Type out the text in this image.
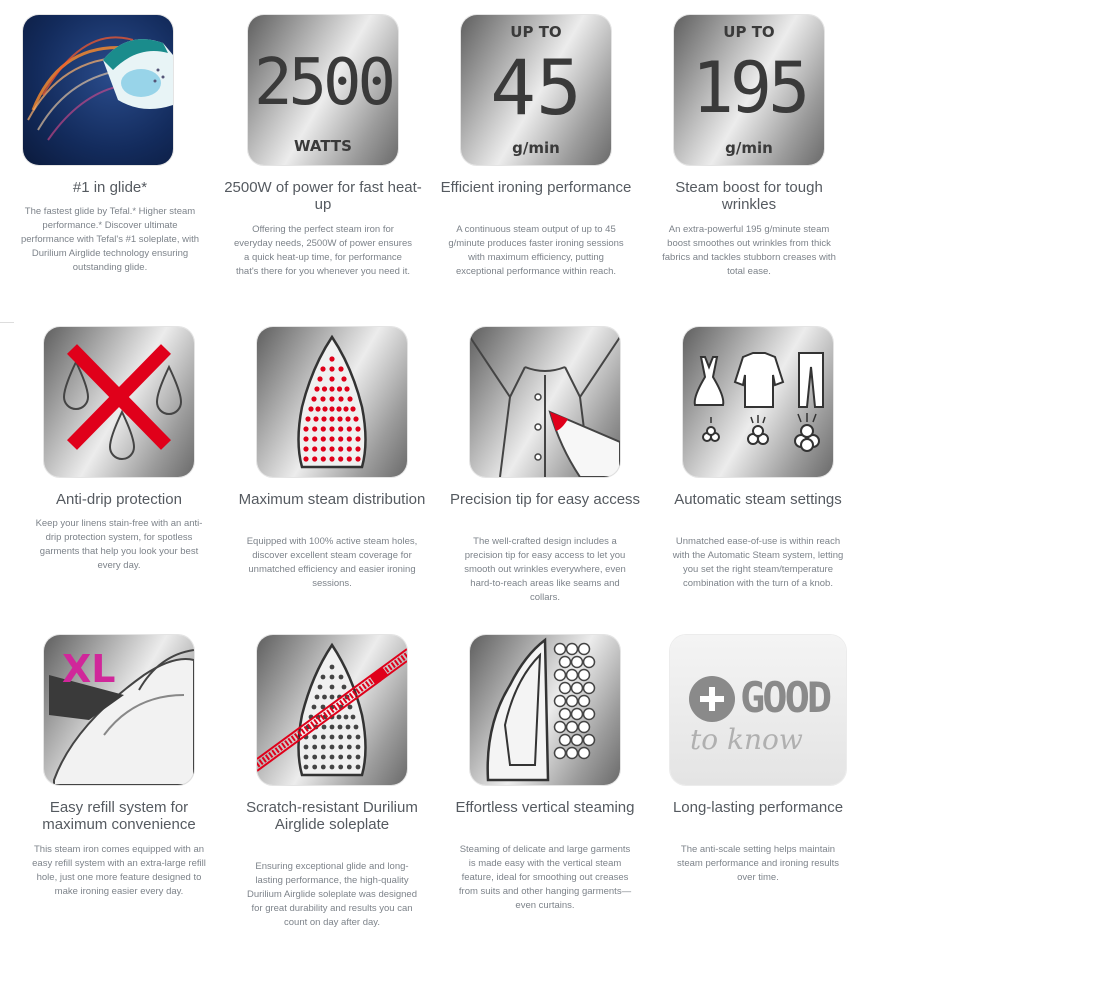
#1 in glide*
The fastest glide by Tefal.* Higher steam performance.* Discover ultimate performance with Tefal's #1 soleplate, with Durilium Airglide technology ensuring outstanding glide.
2500
WATTS
2500W of power for fast heat-up
Offering the perfect steam iron for everyday needs, 2500W of power ensures a quick heat-up time, for performance that's there for you whenever you need it.
UP TO
45
g/min
Efficient ironing performance
A continuous steam output of up to 45 g/minute produces faster ironing sessions with maximum efficiency, putting exceptional performance within reach.
UP TO
195
g/min
Steam boost for tough wrinkles
An extra-powerful 195 g/minute steam boost smoothes out wrinkles from thick fabrics and tackles stubborn creases with total ease.
Anti-drip protection
Keep your linens stain-free with an anti-drip protection system, for spotless garments that help you look your best every day.
Maximum steam distribution
Equipped with 100% active steam holes, discover excellent steam coverage for unmatched efficiency and easier ironing sessions.
Precision tip for easy access
The well-crafted design includes a precision tip for easy access to let you smooth out wrinkles everywhere, even hard-to-reach areas like seams and collars.
Automatic steam settings
Unmatched ease-of-use is within reach with the Automatic Steam system, letting you set the right steam/temperature combination with the turn of a knob.
XL
Easy refill system for maximum convenience
This steam iron comes equipped with an easy refill system with an extra-large refill hole, just one more feature designed to make ironing easier every day.
Scratch-resistant Durilium Airglide soleplate
Ensuring exceptional glide and long-lasting performance, the high-quality Durilium Airglide soleplate was designed for great durability and results you can count on day after day.
Effortless vertical steaming
Steaming of delicate and large garments is made easy with the vertical steam feature, ideal for smoothing out creases from suits and other hanging garments—even curtains.
GOOD
to know
Long-lasting performance
The anti-scale setting helps maintain steam performance and ironing results over time.
